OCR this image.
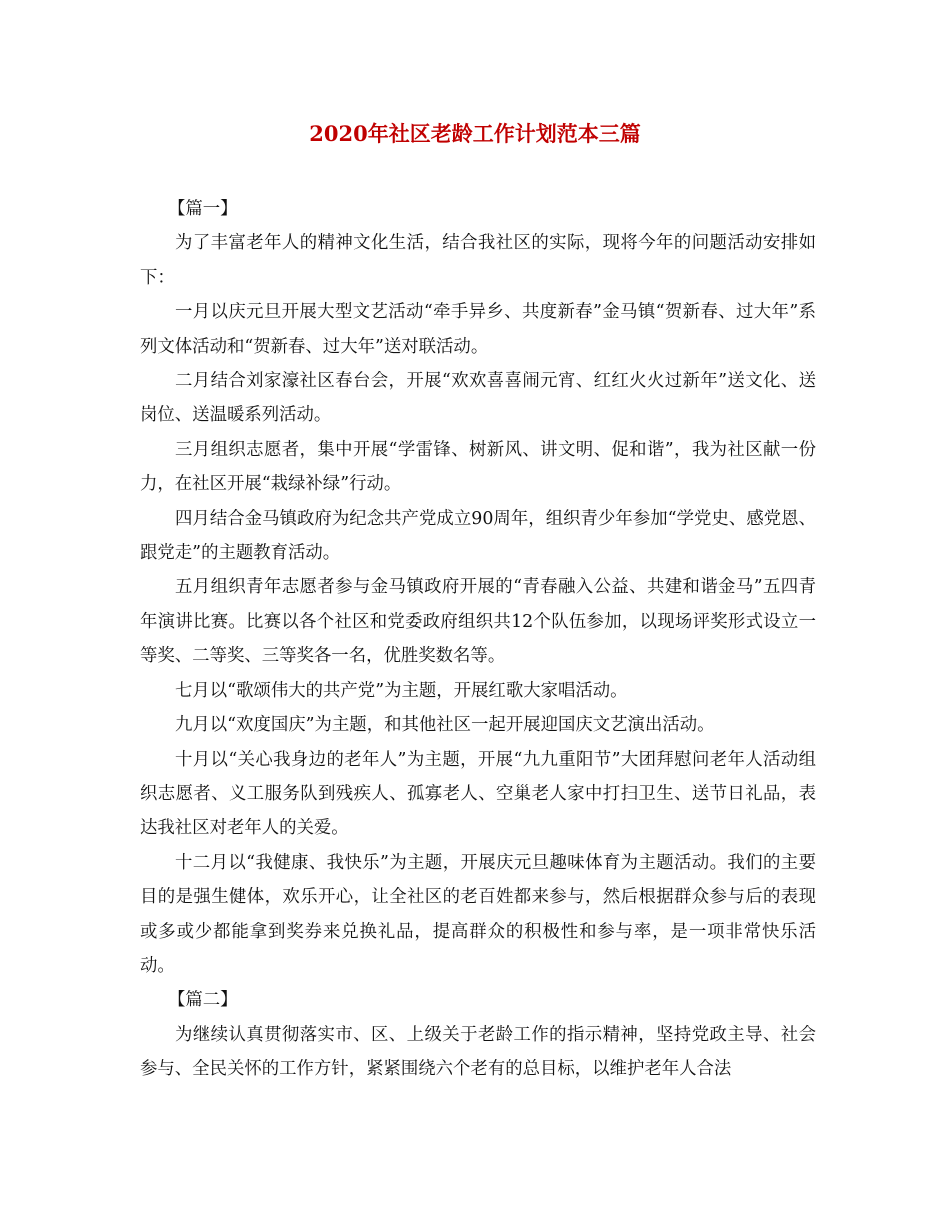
2020年社区老龄工作计划范本三篇

【篇一】

为了丰富老年人的精神文化生活，结合我社区的实际，现将今年的问题活动安排如下：

一月以庆元旦开展大型文艺活动“牵手异乡、共度新春”金马镇“贺新春、过大年”系列文体活动和“贺新春、过大年”送对联活动。

二月结合刘家濠社区春台会，开展“欢欢喜喜闹元宵、红红火火过新年”送文化、送岗位、送温暖系列活动。

三月组织志愿者，集中开展“学雷锋、树新风、讲文明、促和谐”，我为社区献一份力，在社区开展“栽绿补绿”行动。

四月结合金马镇政府为纪念共产党成立90周年，组织青少年参加“学党史、感党恩、跟党走”的主题教育活动。

五月组织青年志愿者参与金马镇政府开展的“青春融入公益、共建和谐金马”五四青年演讲比赛。比赛以各个社区和党委政府组织共12个队伍参加，以现场评奖形式设立一等奖、二等奖、三等奖各一名，优胜奖数名等。

七月以“歌颂伟大的共产党”为主题，开展红歌大家唱活动。

九月以“欢度国庆”为主题，和其他社区一起开展迎国庆文艺演出活动。

十月以“关心我身边的老年人”为主题，开展“九九重阳节”大团拜慰问老年人活动组织志愿者、义工服务队到残疾人、孤寡老人、空巢老人家中打扫卫生、送节日礼品，表达我社区对老年人的关爱。

十二月以“我健康、我快乐”为主题，开展庆元旦趣味体育为主题活动。我们的主要目的是强生健体，欢乐开心，让全社区的老百姓都来参与，然后根据群众参与后的表现或多或少都能拿到奖券来兑换礼品，提高群众的积极性和参与率，是一项非常快乐活动。

【篇二】

为继续认真贯彻落实市、区、上级关于老龄工作的指示精神，坚持党政主导、社会参与、全民关怀的工作方针，紧紧围绕六个老有的总目标，以维护老年人合法
